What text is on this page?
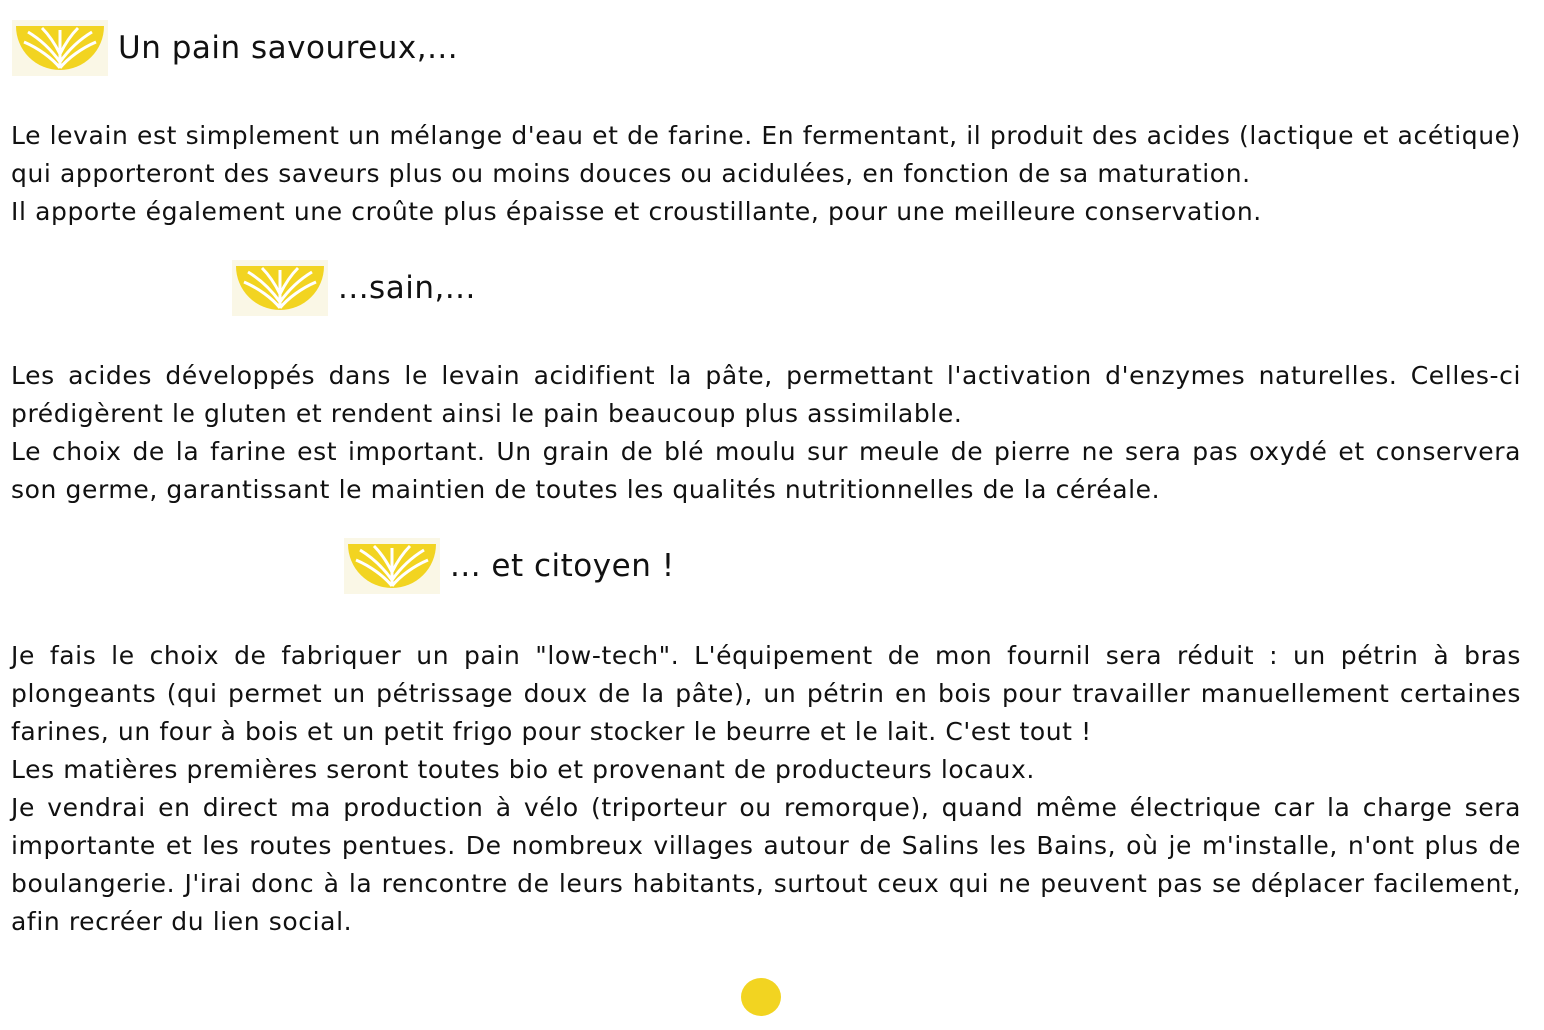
Un pain savoureux,...

Le levain est simplement un mélange d'eau et de farine. En fermentant, il produit des acides (lactique et acétique) qui apporteront des saveurs plus ou moins douces ou acidulées, en fonction de sa maturation.

Il apporte également une croûte plus épaisse et croustillante, pour une meilleure conservation.

...sain,...

Les acides développés dans le levain acidifient la pâte, permettant l'activation d'enzymes naturelles. Celles-ci prédigèrent le gluten et rendent ainsi le pain beaucoup plus assimilable.

Le choix de la farine est important. Un grain de blé moulu sur meule de pierre ne sera pas oxydé et conservera son germe, garantissant le maintien de toutes les qualités nutritionnelles de la céréale.

... et citoyen !

Je fais le choix de fabriquer un pain "low-tech". L'équipement de mon fournil sera réduit : un pétrin à bras plongeants (qui permet un pétrissage doux de la pâte), un pétrin en bois pour travailler manuellement certaines farines, un four à bois et un petit frigo pour stocker le beurre et le lait. C'est tout !

Les matières premières seront toutes bio et provenant de producteurs locaux.

Je vendrai en direct ma production à vélo (triporteur ou remorque), quand même électrique car la charge sera importante et les routes pentues. De nombreux villages autour de Salins les Bains, où je m'installe, n'ont plus de boulangerie. J'irai donc à la rencontre de leurs habitants, surtout ceux qui ne peuvent pas se déplacer facilement, afin recréer du lien social.
